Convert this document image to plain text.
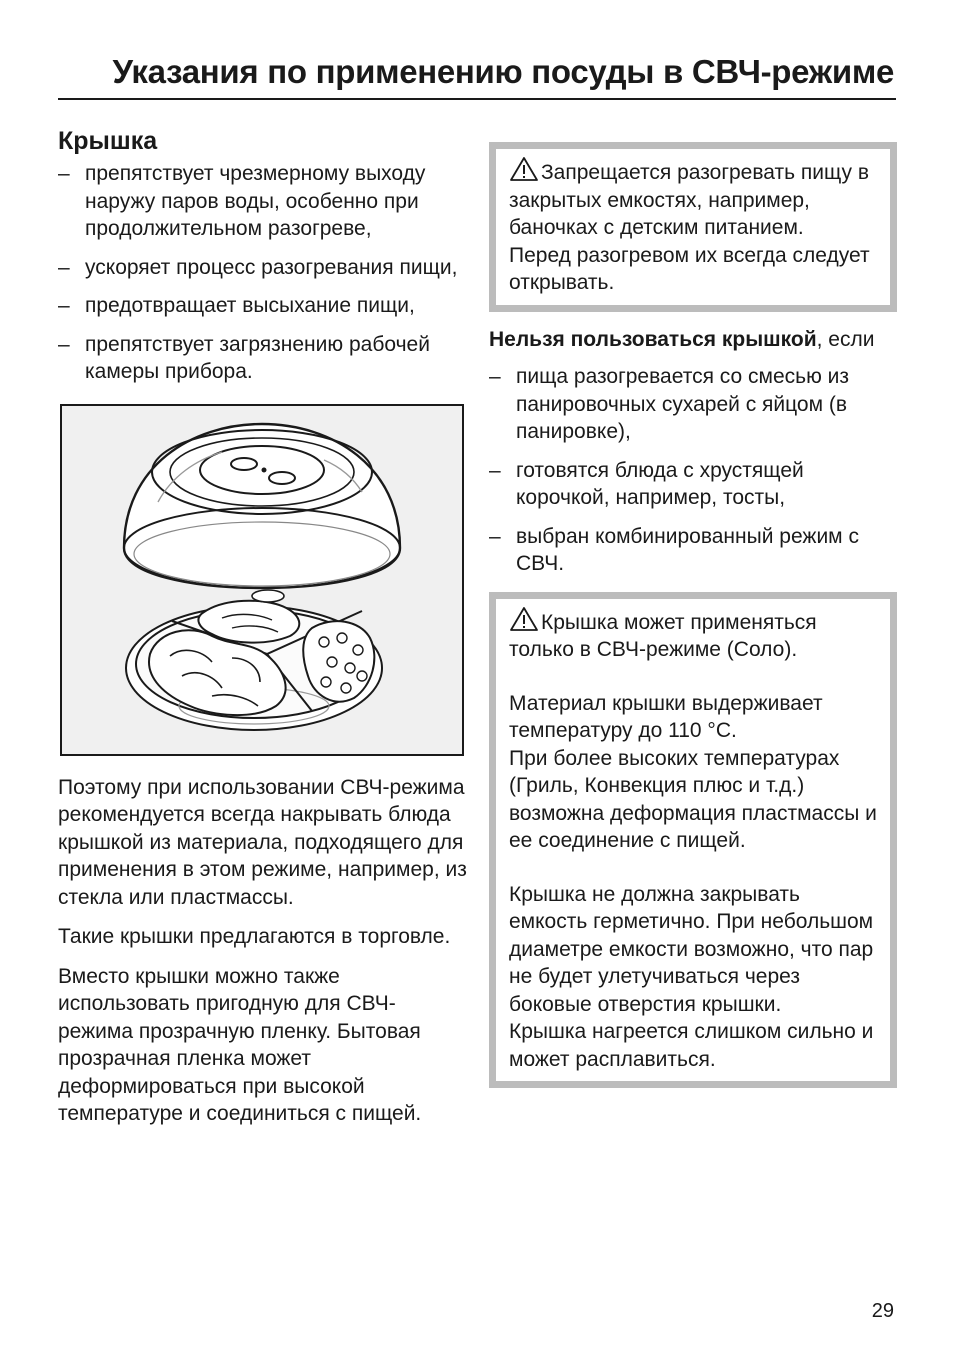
Указания по применению посуды в СВЧ-режиме
Крышка
– препятствует чрезмерному выходу наружу паров воды, особенно при продолжительном разогреве,
– ускоряет процесс разогревания пищи,
– предотвращает высыхание пищи,
– препятствует загрязнению рабочей камеры прибора.

Поэтому при использовании СВЧ-режима рекомендуется всегда накрывать блюда крышкой из материала, подходящего для применения в этом режиме, например, из стекла или пластмассы.

Такие крышки предлагаются в торговле.

Вместо крышки можно также использовать пригодную для СВЧ-режима прозрачную пленку. Бытовая прозрачная пленка может деформироваться при высокой температуре и соединиться с пищей.

Запрещается разогревать пищу в закрытых емкостях, например, баночках с детским питанием.
Перед разогревом их всегда следует открывать.
Нельзя пользоваться крышкой, если
– пища разогревается со смесью из панировочных сухарей с яйцом (в панировке),
– готовятся блюда с хрустящей корочкой, например, тосты,
– выбран комбинированный режим с СВЧ.
Крышка может применяться только в СВЧ-режиме (Соло).
Материал крышки выдерживает температуру до 110 °C.
При более высоких температурах (Гриль, Конвекция плюс и т.д.) возможна деформация пластмассы и ее соединение с пищей.
Крышка не должна закрывать емкость герметично. При небольшом диаметре емкости возможно, что пар не будет улетучиваться через боковые отверстия крышки.
Крышка нагреется слишком сильно и может расплавиться.
29
